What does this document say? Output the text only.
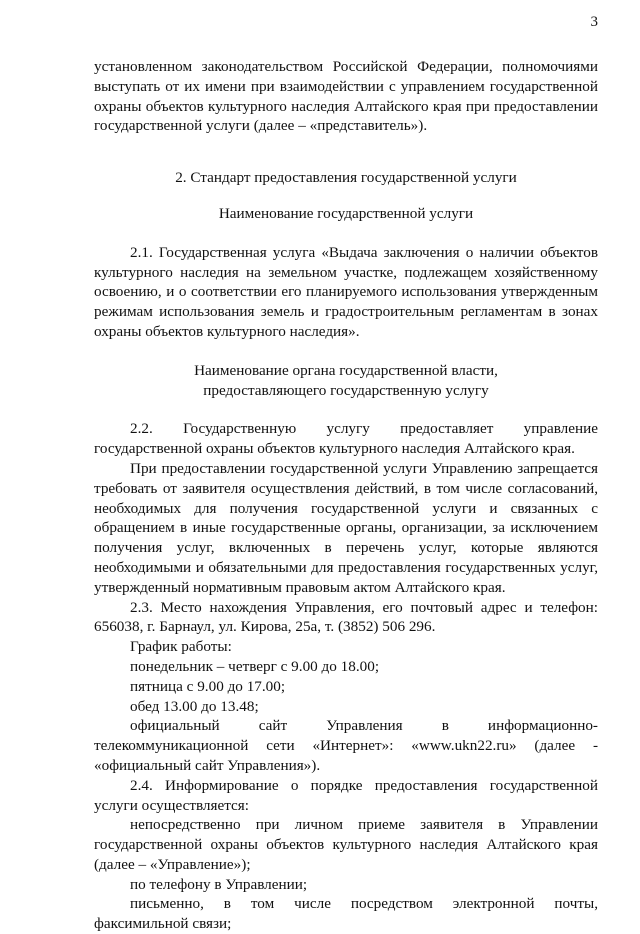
3

установленном законодательством Российской Федерации, полномочиями выступать от их имени при взаимодействии с управлением государственной охраны объектов культурного наследия Алтайского края при предоставлении государственной услуги (далее – «представитель»).

2. Стандарт предоставления государственной услуги

Наименование государственной услуги

2.1. Государственная услуга «Выдача заключения о наличии объектов культурного наследия на земельном участке, подлежащем хозяйственному освоению, и о соответствии его планируемого использования утвержденным режимам использования земель и градостроительным регламентам в зонах охраны объектов культурного наследия».

Наименование органа государственной власти,

предоставляющего государственную услугу

2.2. Государственную услугу предоставляет управление государственной охраны объектов культурного наследия Алтайского края.

При предоставлении государственной услуги Управлению запрещается требовать от заявителя осуществления действий, в том числе согласований, необходимых для получения государственной услуги и связанных с обращением в иные государственные органы, организации, за исключением получения услуг, включенных в перечень услуг, которые являются необходимыми и обязательными для предоставления государственных услуг, утвержденный нормативным правовым актом Алтайского края.

2.3. Место нахождения Управления, его почтовый адрес и телефон: 656038, г. Барнаул, ул. Кирова, 25а, т. (3852) 506 296.

График работы:

понедельник – четверг с 9.00 до 18.00;

пятница с 9.00 до 17.00;

обед 13.00 до 13.48;

официальный сайт Управления в информационно-телекоммуникационной сети «Интернет»: «www.ukn22.ru» (далее - «официальный сайт Управления»).

2.4. Информирование о порядке предоставления государственной услуги осуществляется:

непосредственно при личном приеме заявителя в Управлении государственной охраны объектов культурного наследия Алтайского края (далее – «Управление»);

по телефону в Управлении;

письменно, в том числе посредством электронной почты, факсимильной связи;
